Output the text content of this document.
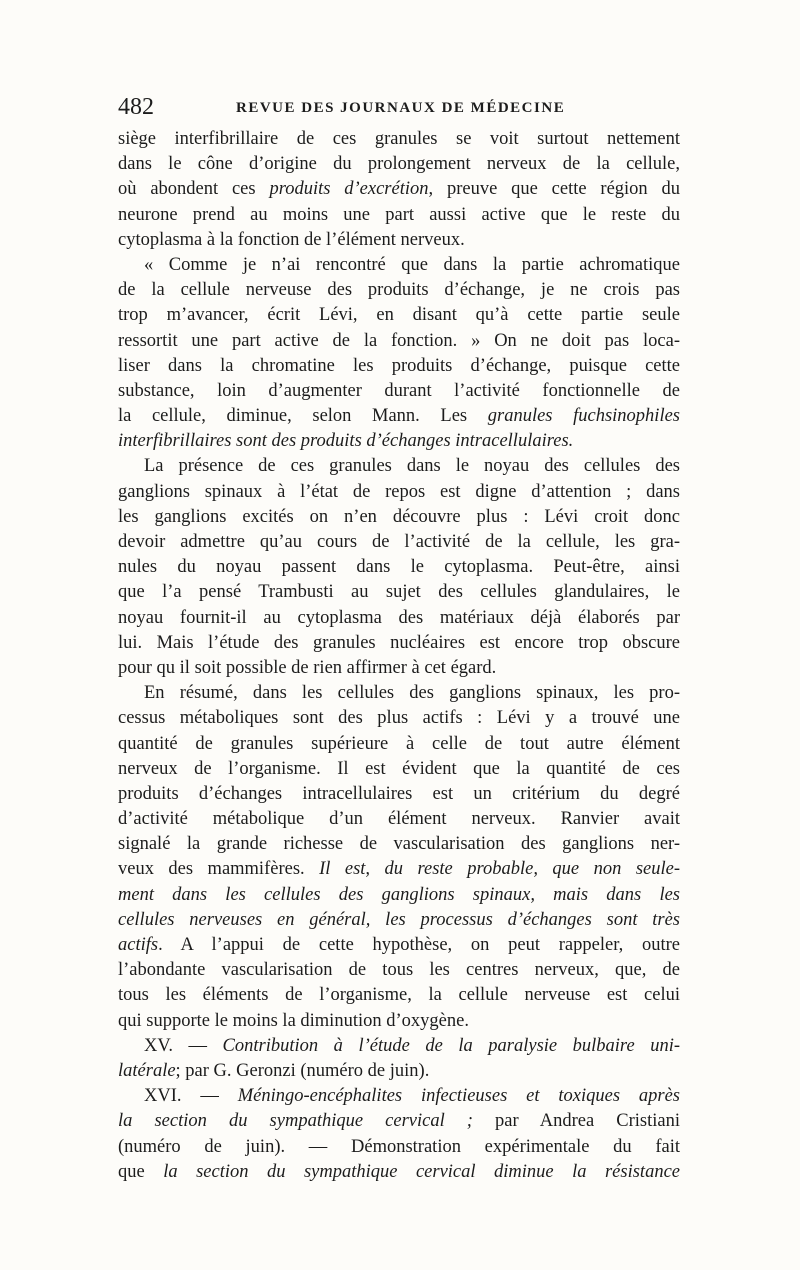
482	REVUE DES JOURNAUX DE MÉDECINE
siège interfibrillaire de ces granules se voit surtout nettement
dans le cône d’origine du prolongement nerveux de la cellule,
où abondent ces produits d’excrétion, preuve que cette région du
neurone prend au moins une part aussi active que le reste du
cytoplasma à la fonction de l’élément nerveux.
« Comme je n’ai rencontré que dans la partie achromatique
de la cellule nerveuse des produits d’échange, je ne crois pas
trop m’avancer, écrit Lévi, en disant qu’à cette partie seule
ressortit une part active de la fonction. » On ne doit pas loca-
liser dans la chromatine les produits d’échange, puisque cette
substance, loin d’augmenter durant l’activité fonctionnelle de
la cellule, diminue, selon Mann. Les granules fuchsinophiles
interfibrillaires sont des produits d’échanges intracellulaires.
La présence de ces granules dans le noyau des cellules des
ganglions spinaux à l’état de repos est digne d’attention ; dans
les ganglions excités on n’en découvre plus : Lévi croit donc
devoir admettre qu’au cours de l’activité de la cellule, les gra-
nules du noyau passent dans le cytoplasma. Peut-être, ainsi
que l’a pensé Trambusti au sujet des cellules glandulaires, le
noyau fournit-il au cytoplasma des matériaux déjà élaborés par
lui. Mais l’étude des granules nucléaires est encore trop obscure
pour qu il soit possible de rien affirmer à cet égard.
En résumé, dans les cellules des ganglions spinaux, les pro-
cessus métaboliques sont des plus actifs : Lévi y a trouvé une
quantité de granules supérieure à celle de tout autre élément
nerveux de l’organisme. Il est évident que la quantité de ces
produits d’échanges intracellulaires est un critérium du degré
d’activité métabolique d’un élément nerveux. Ranvier avait
signalé la grande richesse de vascularisation des ganglions ner-
veux des mammifères. Il est, du reste probable, que non seule-
ment dans les cellules des ganglions spinaux, mais dans les
cellules nerveuses en général, les processus d’échanges sont très
actifs. A l’appui de cette hypothèse, on peut rappeler, outre
l’abondante vascularisation de tous les centres nerveux, que, de
tous les éléments de l’organisme, la cellule nerveuse est celui
qui supporte le moins la diminution d’oxygène.
XV. — Contribution à l’étude de la paralysie bulbaire uni-
latérale; par G. Geronzi (numéro de juin).
XVI. — Méningo-encéphalites infectieuses et toxiques après
la section du sympathique cervical ; par Andrea Cristiani
(numéro de juin). — Démonstration expérimentale du fait
que la section du sympathique cervical diminue la résistance
